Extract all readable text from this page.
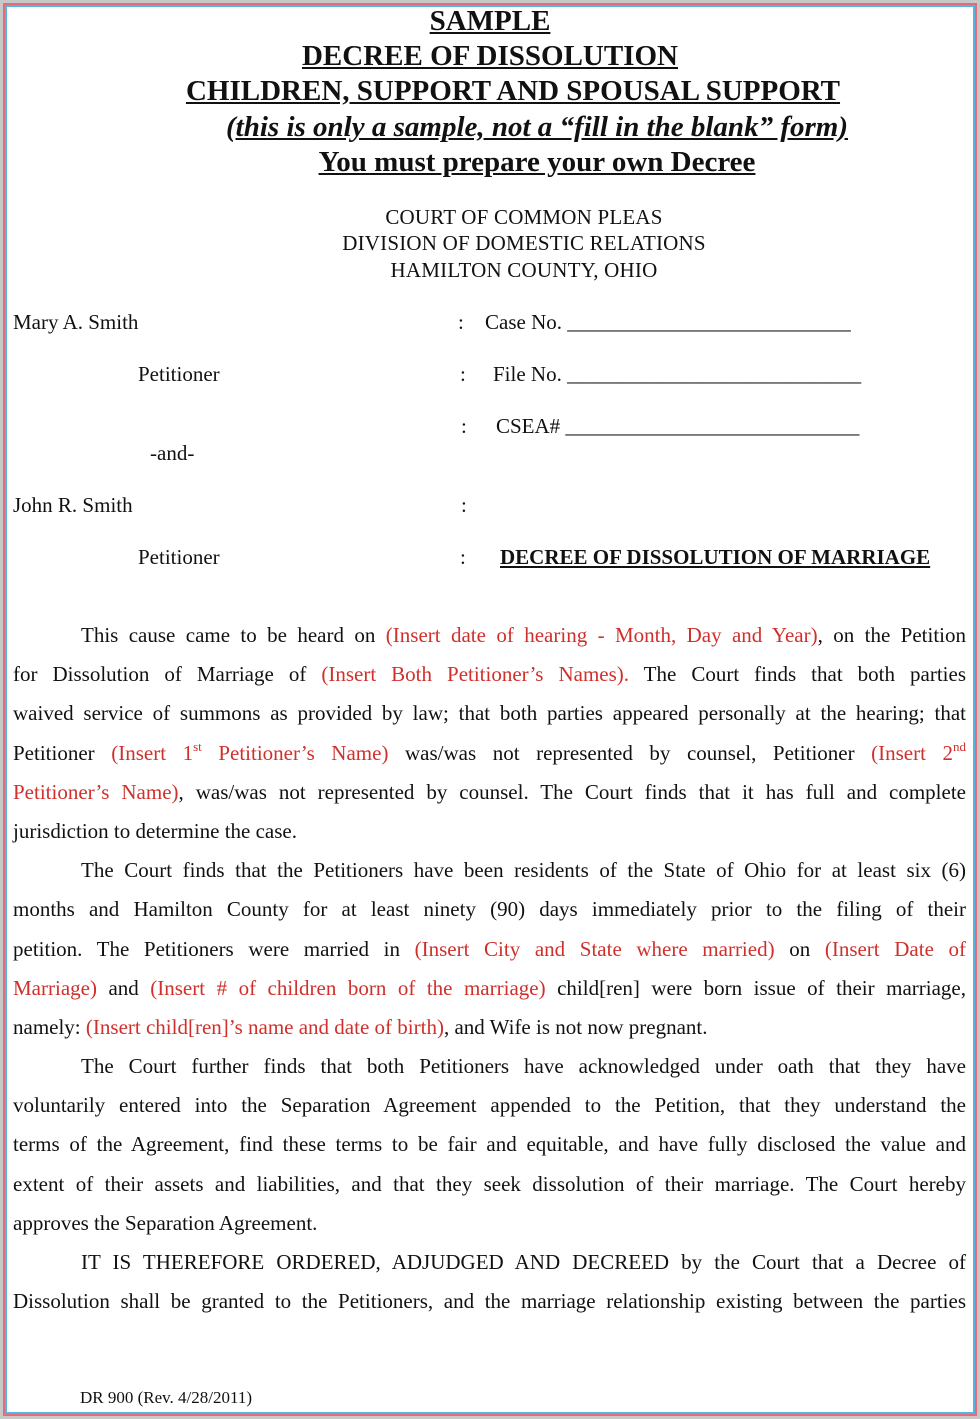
SAMPLE
DECREE OF DISSOLUTION
CHILDREN, SUPPORT AND SPOUSAL SUPPORT
(this is only a sample, not a “fill in the blank” form)
You must prepare your own Decree
COURT OF COMMON PLEAS
DIVISION OF DOMESTIC RELATIONS
HAMILTON COUNTY, OHIO
Mary A. Smith	: Case No. ___________________________
Petitioner	: File No. ____________________________
: CSEA# ____________________________
-and-
John R. Smith	:
Petitioner	: DECREE OF DISSOLUTION OF MARRIAGE
This cause came to be heard on (Insert date of hearing - Month, Day and Year), on the Petition
for Dissolution of Marriage of (Insert Both Petitioner’s Names). The Court finds that both parties
waived service of summons as provided by law; that both parties appeared personally at the hearing; that
Petitioner (Insert 1st Petitioner’s Name) was/was not represented by counsel, Petitioner (Insert 2nd
Petitioner’s Name), was/was not represented by counsel. The Court finds that it has full and complete
jurisdiction to determine the case.
The Court finds that the Petitioners have been residents of the State of Ohio for at least six (6)
months and Hamilton County for at least ninety (90) days immediately prior to the filing of their
petition. The Petitioners were married in (Insert City and State where married) on (Insert Date of
Marriage) and (Insert # of children born of the marriage) child[ren] were born issue of their marriage,
namely: (Insert child[ren]’s name and date of birth), and Wife is not now pregnant.
The Court further finds that both Petitioners have acknowledged under oath that they have
voluntarily entered into the Separation Agreement appended to the Petition, that they understand the
terms of the Agreement, find these terms to be fair and equitable, and have fully disclosed the value and
extent of their assets and liabilities, and that they seek dissolution of their marriage. The Court hereby
approves the Separation Agreement.
IT IS THEREFORE ORDERED, ADJUDGED AND DECREED by the Court that a Decree of
Dissolution shall be granted to the Petitioners, and the marriage relationship existing between the parties
DR 900 (Rev. 4/28/2011)
